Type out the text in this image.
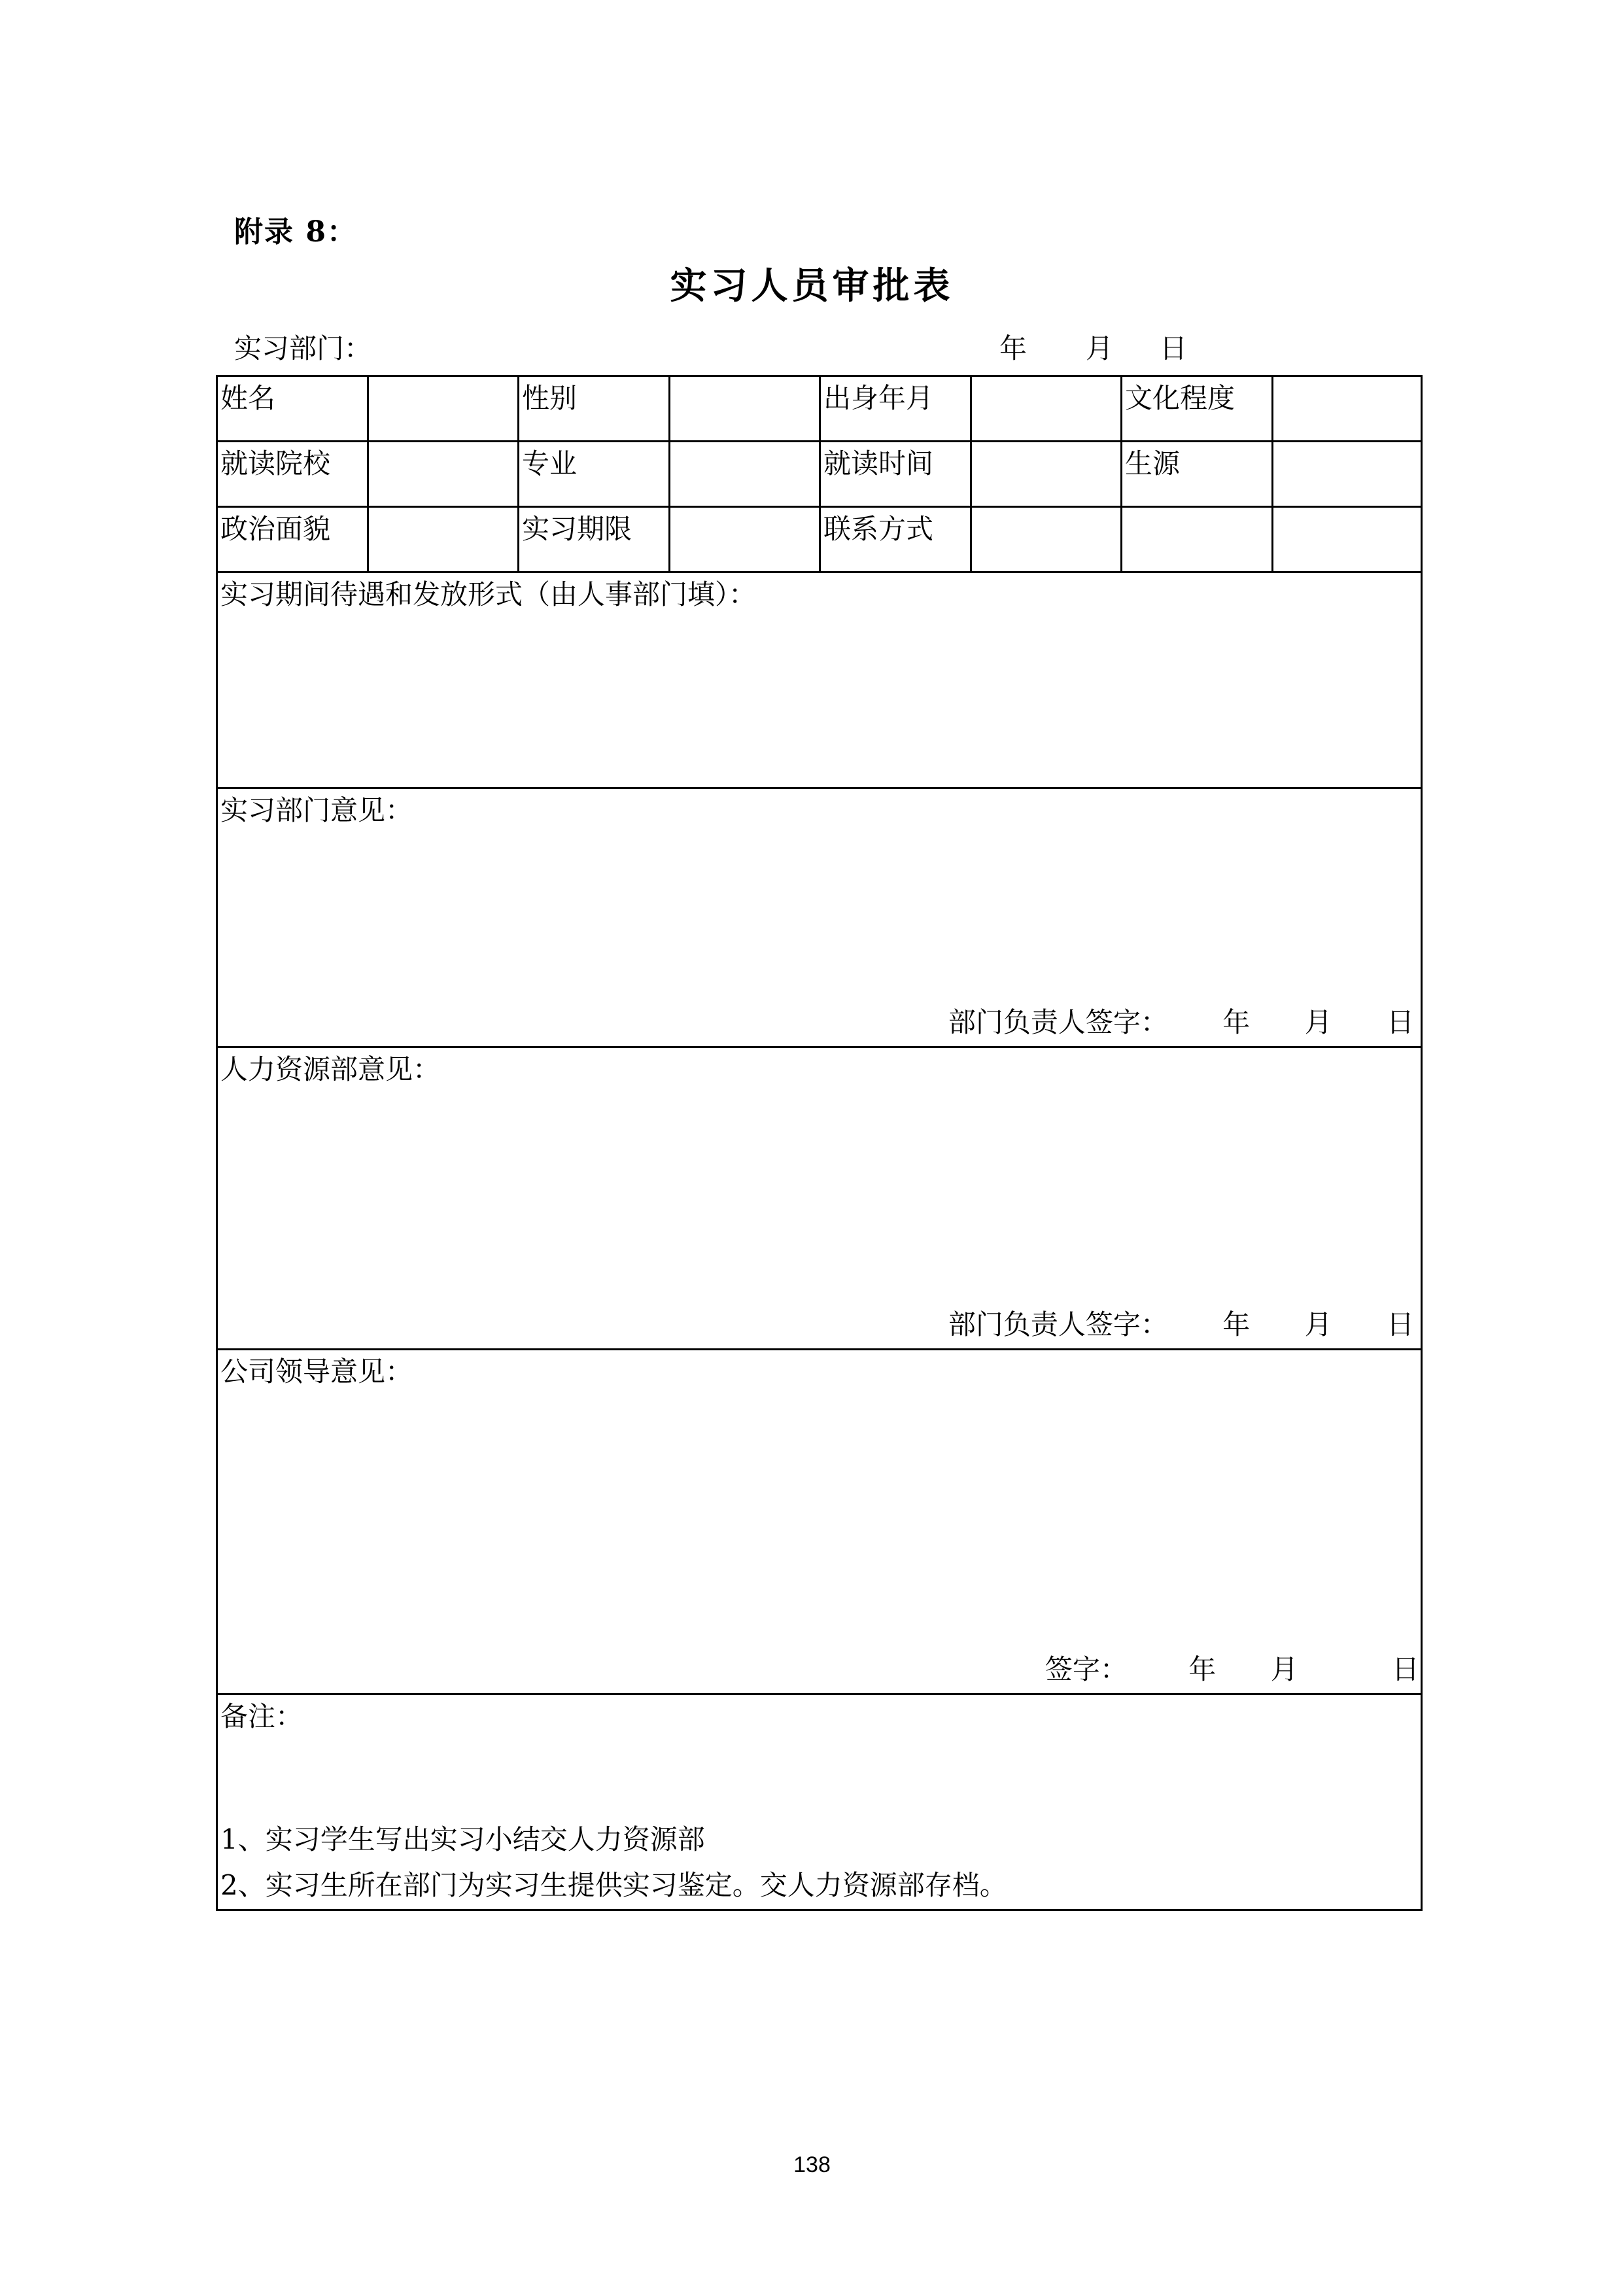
附录 8：
实习人员审批表
实习部门：	年 月 日
姓名		性别		出身年月		文化程度	
就读院校		专业		就读时间		生源	
政治面貌		实习期限		联系方式			

实习期间待遇和发放形式（由人事部门填）：							

实习部门意见：
部门负责人签字： 年 月 日							

人力资源部意见：
部门负责人签字： 年 月 日							

公司领导意见：
签字： 年 月 日							

备注：
1、实习学生写出实习小结交人力资源部
2、实习生所在部门为实习生提供实习鉴定。交人力资源部存档。							
138
